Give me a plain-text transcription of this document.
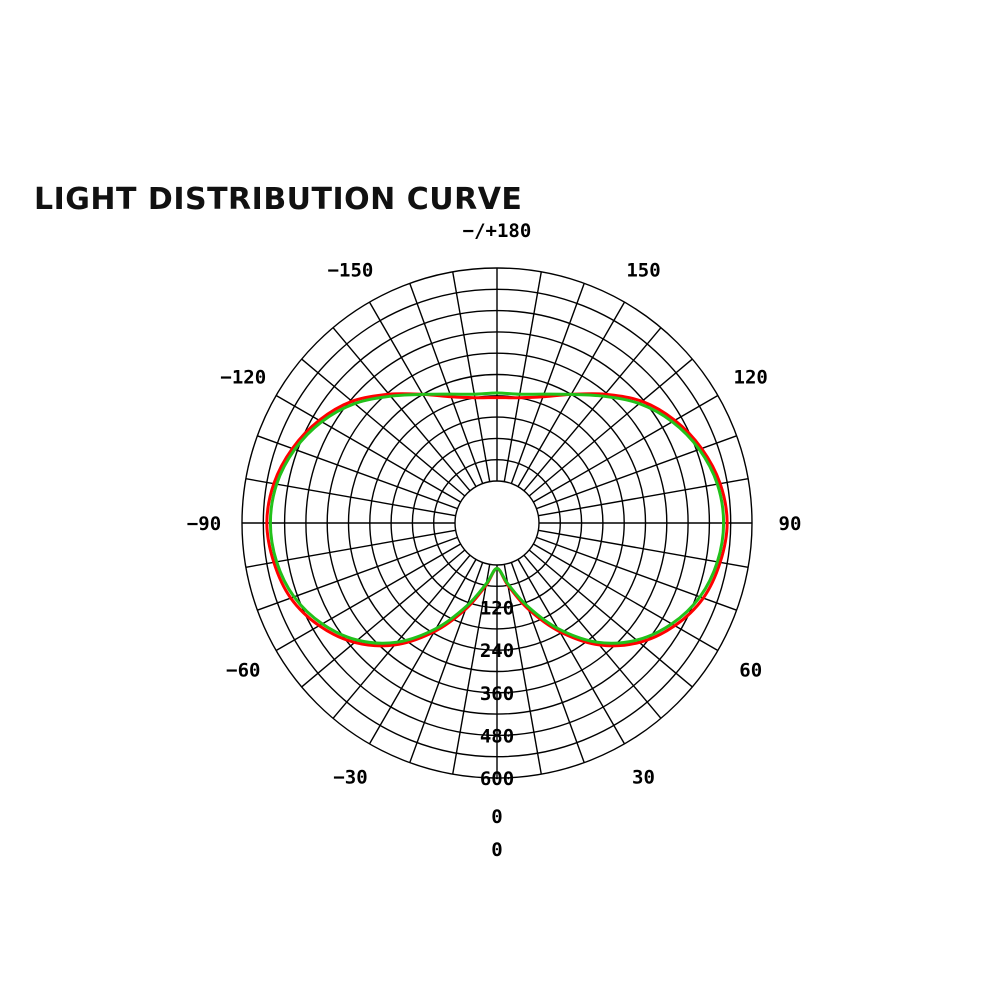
LIGHT DISTRIBUTION CURVE
0
30
60
90
120
150
−/+180
−150
−120
−90
−60
−30
0
120
240
360
480
600
